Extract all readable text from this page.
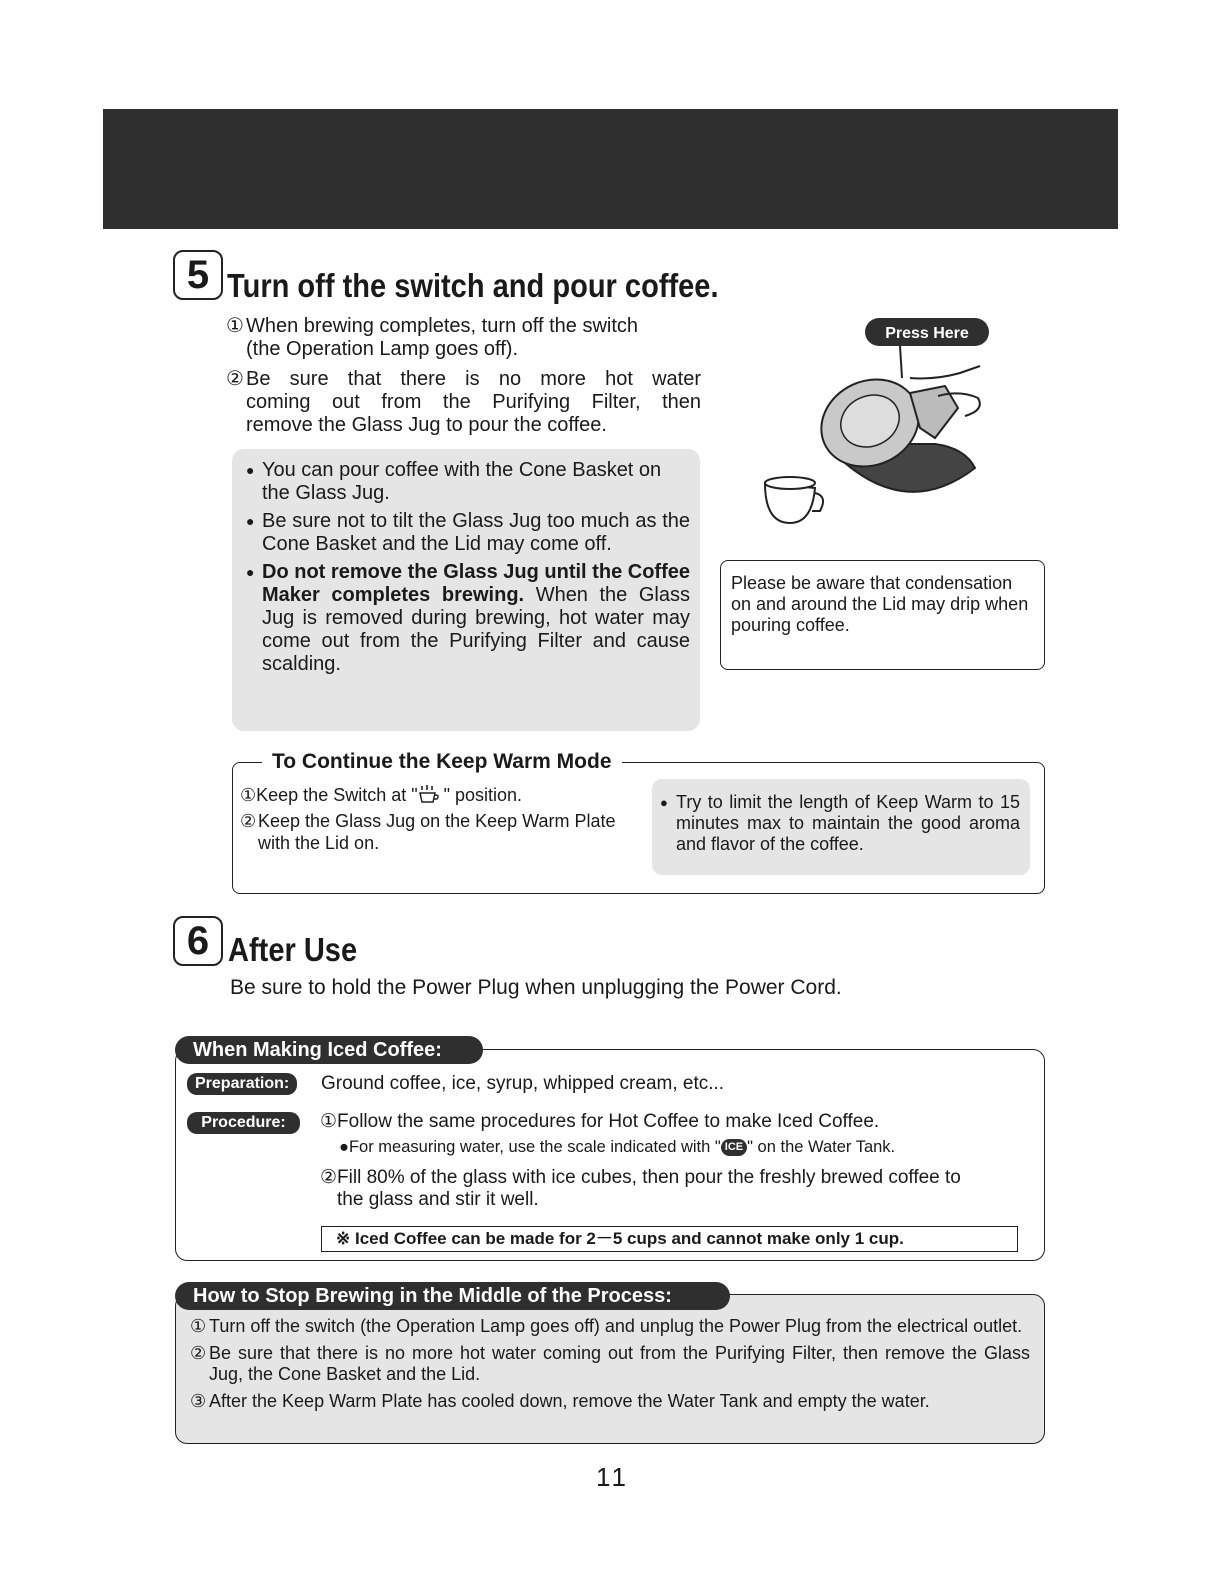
5 Turn off the switch and pour coffee.
① When brewing completes, turn off the switch
(the Operation Lamp goes off).
② Be sure that there is no more hot water
coming out from the Purifying Filter, then
remove the Glass Jug to pour the coffee.
● You can pour coffee with the Cone Basket on the Glass Jug.
● Be sure not to tilt the Glass Jug too much as the Cone Basket and the Lid may come off.
● Do not remove the Glass Jug until the Coffee Maker completes brewing. When the Glass Jug is removed during brewing, hot water may come out from the Purifying Filter and cause scalding.
Press Here
Please be aware that condensation on and around the Lid may drip when pouring coffee.
To Continue the Keep Warm Mode
①Keep the Switch at " " position.
② Keep the Glass Jug on the Keep Warm Plate with the Lid on.
● Try to limit the length of Keep Warm to 15 minutes max to maintain the good aroma and flavor of the coffee.
6 After Use
Be sure to hold the Power Plug when unplugging the Power Cord.
When Making Iced Coffee:
Preparation:	Ground coffee, ice, syrup, whipped cream, etc...
Procedure:	①Follow the same procedures for Hot Coffee to make Iced Coffee.
●For measuring water, use the scale indicated with " ICE " on the Water Tank.
②Fill 80% of the glass with ice cubes, then pour the freshly brewed coffee to
the glass and stir it well.
※ Iced Coffee can be made for 2－5 cups and cannot make only 1 cup.
How to Stop Brewing in the Middle of the Process:
① Turn off the switch (the Operation Lamp goes off) and unplug the Power Plug from the electrical outlet.
② Be sure that there is no more hot water coming out from the Purifying Filter, then remove the Glass Jug, the Cone Basket and the Lid.
③ After the Keep Warm Plate has cooled down, remove the Water Tank and empty the water.
11
